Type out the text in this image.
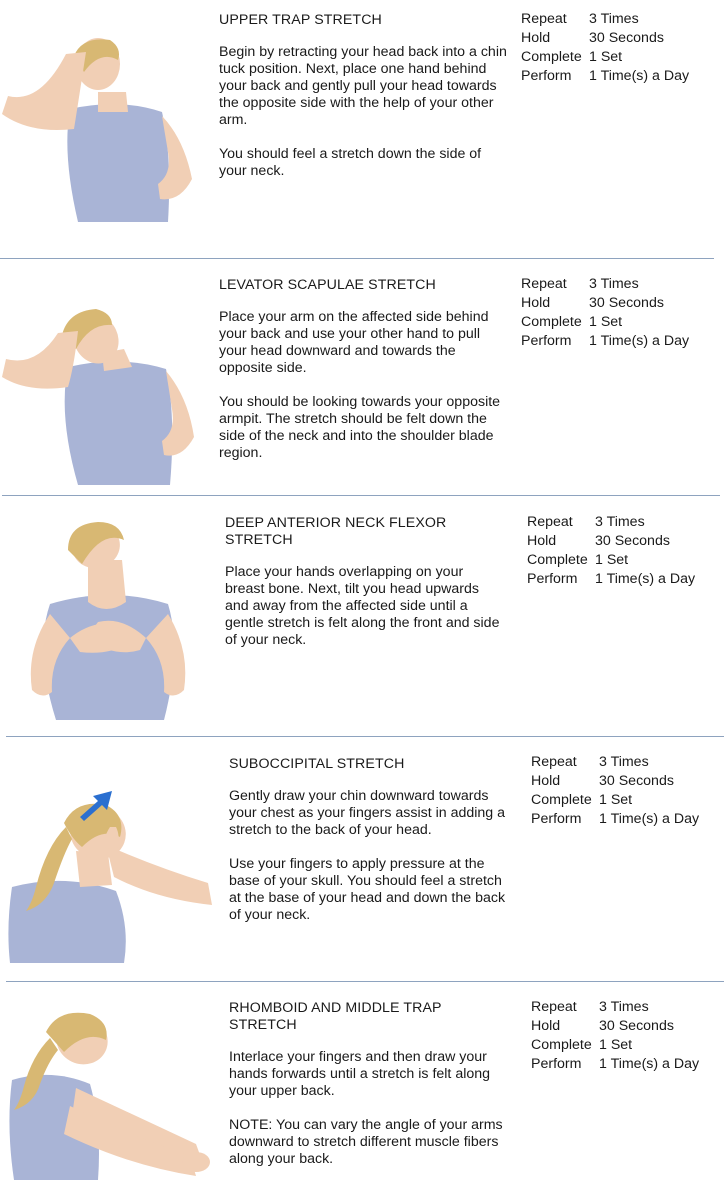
UPPER TRAP STRETCH
Begin by retracting your head back into a chin tuck position. Next, place one hand behind your back and gently pull your head towards the opposite side with the help of your other arm.
You should feel a stretch down the side of your neck.
Repeat	3 Times
Hold	30 Seconds
Complete 1 Set
Perform	1 Time(s) a Day
LEVATOR SCAPULAE STRETCH
Place your arm on the affected side behind your back and use your other hand to pull your head downward and towards the opposite side.
You should be looking towards your opposite armpit. The stretch should be felt down the side of the neck and into the shoulder blade region.
Repeat	3 Times
Hold	30 Seconds
Complete 1 Set
Perform	1 Time(s) a Day
DEEP ANTERIOR NECK FLEXOR STRETCH
Place your hands overlapping on your breast bone. Next, tilt you head upwards and away from the affected side until a gentle stretch is felt along the front and side of your neck.
Repeat	3 Times
Hold	30 Seconds
Complete 1 Set
Perform	1 Time(s) a Day
SUBOCCIPITAL STRETCH
Gently draw your chin downward towards your chest as your fingers assist in adding a stretch to the back of your head.
Use your fingers to apply pressure at the base of your skull. You should feel a stretch at the base of your head and down the back of your neck.
Repeat	3 Times
Hold	30 Seconds
Complete 1 Set
Perform	1 Time(s) a Day
RHOMBOID AND MIDDLE TRAP STRETCH
Interlace your fingers and then draw your hands forwards until a stretch is felt along your upper back.
NOTE: You can vary the angle of your arms downward to stretch different muscle fibers along your back.
Repeat	3 Times
Hold	30 Seconds
Complete 1 Set
Perform	1 Time(s) a Day
